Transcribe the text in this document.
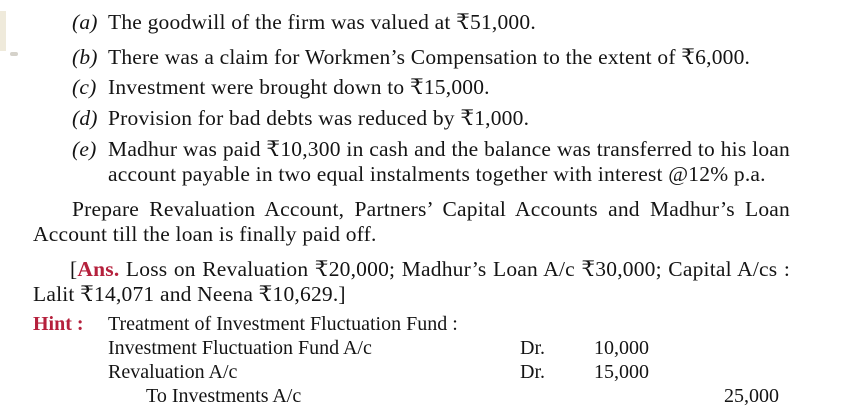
(a) The goodwill of the firm was valued at ₹51,000.
(b) There was a claim for Workmen’s Compensation to the extent of ₹6,000.
(c) Investment were brought down to ₹15,000.
(d) Provision for bad debts was reduced by ₹1,000.
(e) Madhur was paid ₹10,300 in cash and the balance was transferred to his loan
account payable in two equal instalments together with interest @12% p.a.
Prepare Revaluation Account, Partners’ Capital Accounts and Madhur’s Loan
Account till the loan is finally paid off.
[Ans. Loss on Revaluation ₹20,000; Madhur’s Loan A/c ₹30,000; Capital A/cs :
Lalit ₹14,071 and Neena ₹10,629.]
Hint : Treatment of Investment Fluctuation Fund :
Investment Fluctuation Fund A/c	Dr. 10,000
Revaluation A/c	Dr. 15,000
To Investments A/c	25,000
